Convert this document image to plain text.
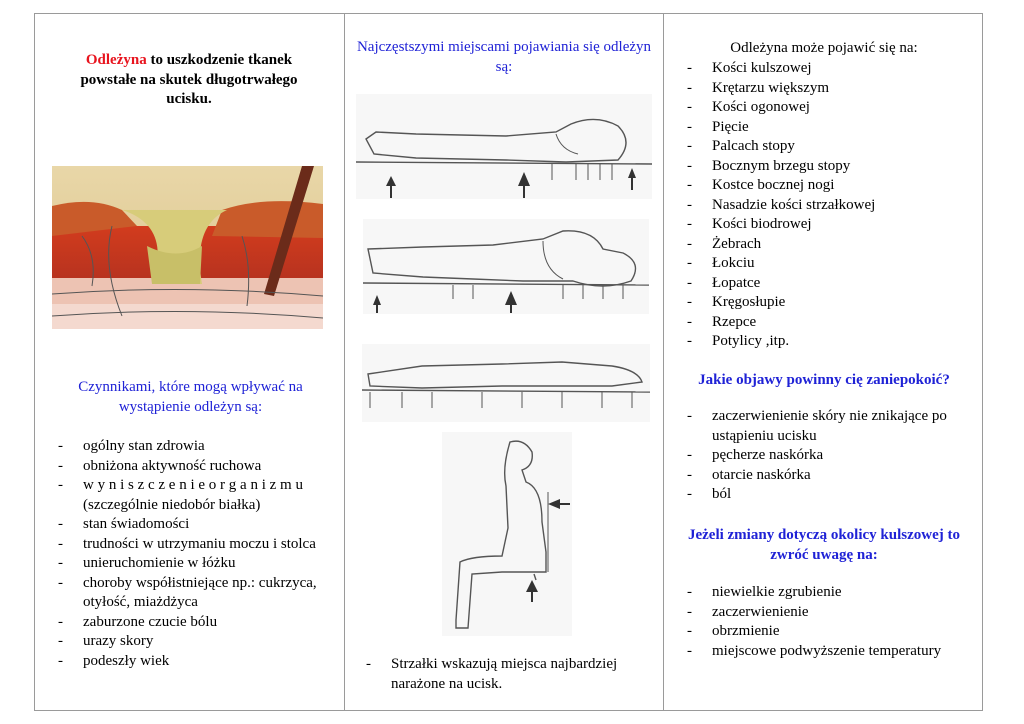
Odleżyna to uszkodzenie tkanek powstałe na skutek długotrwałego ucisku.
Czynnikami, które mogą wpływać na wystąpienie odleżyn są:
- ogólny stan zdrowia
- obniżona aktywność ruchowa
- w y n i s z c z e n i e o r g a n i z m u (szczególnie niedobór białka)
- stan świadomości
- trudności w utrzymaniu moczu i stolca
- unieruchomienie w łóżku
- choroby współistniejące np.: cukrzyca, otyłość, miażdżyca
- zaburzone czucie bólu
- urazy skory
- podeszły wiek
Najczęstszymi miejscami pojawiania się odleżyn są:
- Strzałki wskazują miejsca najbardziej narażone na ucisk.
Odleżyna może pojawić się na:
- Kości kulszowej
- Krętarzu większym
- Kości ogonowej
- Pięcie
- Palcach stopy
- Bocznym brzegu stopy
- Kostce bocznej nogi
- Nasadzie kości strzałkowej
- Kości biodrowej
- Żebrach
- Łokciu
- Łopatce
- Kręgosłupie
- Rzepce
- Potylicy ,itp.
Jakie objawy powinny cię zaniepokoić?
- zaczerwienienie skóry nie znikające po ustąpieniu ucisku
- pęcherze naskórka
- otarcie naskórka
- ból
Jeżeli zmiany dotyczą okolicy kulszowej to zwróć uwagę na:
- niewielkie zgrubienie
- zaczerwienienie
- obrzmienie
- miejscowe podwyższenie temperatury
